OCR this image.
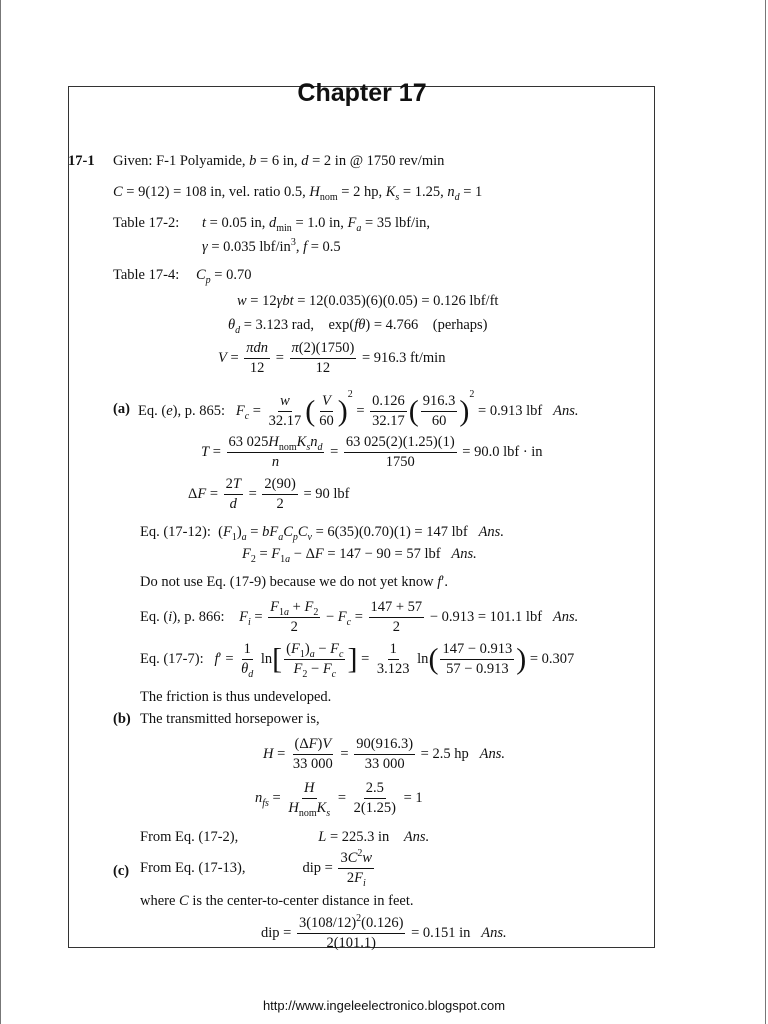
Chapter 17
17-1 Given: F-1 Polyamide, b = 6 in, d = 2 in @ 1750 rev/min
C = 9(12) = 108 in, vel. ratio 0.5, $H_{nom} = 2$ hp, $K_s = 1.25$, $n_d = 1$
Table 17-2: t = 0.05 in, $d_{min} = 1.0$ in, $F_a = 35$ lbf/in,
γ = 0.035 lbf/$in^3$, f = 0.5
Table 17-4: $C_p = 0.70$
w = 12γbt = 12(0.035)(6)(0.05) = 0.126 lbf/ft
$\theta_d = 3.123$ rad,    exp(fθ) = 4.766    (perhaps)
$V = \frac{\text{πdn}}{12} = \frac{\pi(2)(1750)}{12} = 916.3$ ft/min
(a) Eq. (e), p. 865:   $F_c = \frac{w}{32.17}$ ( $\frac{V}{60} )^2 = \frac{0.126}{32.17}$ ( $\frac{916.3}{60} )^2 = 0.913$ lbf   Ans.
$T = \frac{63 025H_{nom}K_sn_d}{n} = \frac{63 025(2)(1.25)(1)}{1750} = 90.0$ lbf · in
$\Delta F = \frac{2T}{d} = \frac{2(90)}{2} = 90$ lbf
Eq. (17-12):  $(F_1)_a = bF_aC_pC_v = 6(35)(0.70)(1) = 147$ lbf   Ans.
$F_2 = F_{1a} - \Delta F = 147 - 90 = 57$ lbf   Ans.
Do not use Eq. (17-9) because we do not yet know f′.
Eq. (i), p. 866:    $F_i = \frac{F_{1a} + F_2}{2} - F_c = \frac{147 + 57}{2} - 0.913 = 101.1$ lbf   Ans.
Eq. (17-7):   $f' = \frac{1}{\theta_d} \ln[ \frac{(F_1)_a - F_c}{F_2 - F_c}$ ] = $\frac{1}{3.123} \ln( \frac{147 - 0.913}{57 - 0.913}$ ) = 0.307
The friction is thus undeveloped.
(b) The transmitted horsepower is,
$H = \frac{(\Delta F)V}{33 000} = \frac{90(916.3)}{33 000} = 2.5$ hp   Ans.
$n_{fs} = \frac{H}{H_{nom}K_s} = \frac{2.5}{2(1.25)} = 1$
From Eq. (17-2),	L = 225.3 in    Ans.
(c) From Eq. (17-13),	dip = $\frac{3C^2w}{2F_i}$
where C is the center-to-center distance in feet.
dip = $\frac{3(108/12)^2(0.126)}{2(101.1)} = 0.151$ in   Ans.
http://www.ingeleelectronico.blogspot.com
